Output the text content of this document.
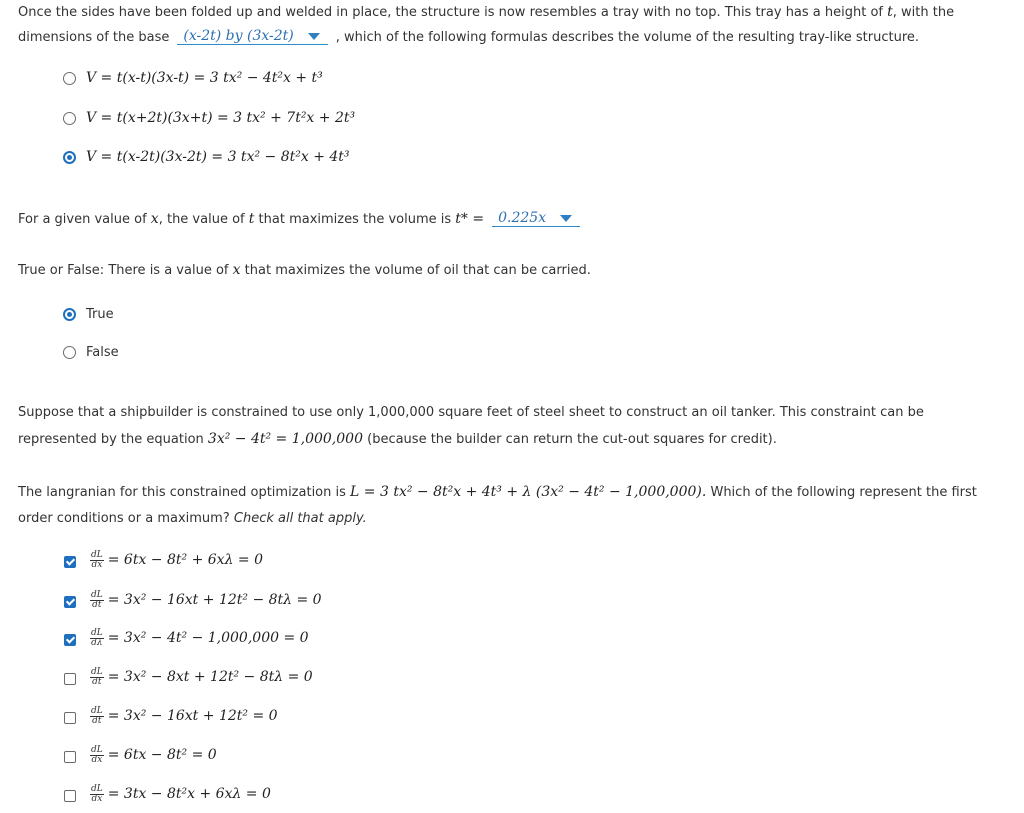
Once the sides have been folded up and welded in place, the structure is now resembles a tray with no top. This tray has a height of t, with the
dimensions of the base (x-2t) by (3x-2t)	, which of the following formulas describes the volume of the resulting tray-like structure.
V = t(x-t)(3x-t) = 3 tx² − 4t²x + t³
V = t(x+2t)(3x+t) = 3 tx² + 7t²x + 2t³
V = t(x-2t)(3x-2t) = 3 tx² − 8t²x + 4t³
For a given value of
x , the value of
t
that maximizes the volume is
t* = 0.225x
True or False: There is a value of x that maximizes the volume of oil that can be carried.
True
False
Suppose that a shipbuilder is constrained to use only 1,000,000 square feet of steel sheet to construct an oil tanker. This constraint can be
represented by the equation 3x² − 4t² = 1,000,000 (because the builder can return the cut-out squares for credit).
The langranian for this constrained optimization is L = 3 tx² − 8t²x + 4t³ + λ (3x² − 4t² − 1,000,000). Which of the following represent the first
order conditions or a maximum? Check all that apply.
$\frac{dL}{dx} = 6tx - 8t^2 + 6x\lambda = 0$
$\frac{dL}{dt} = 3x^2 - 16xt + 12t^2 - 8t\lambda = 0$
$\frac{dL}{d\lambda} = 3x^2 - 4t^2 - 1,000,000 = 0$
$\frac{dL}{dt} = 3x^2 - 8xt + 12t^2 - 8t\lambda = 0$
$\frac{dL}{dt} = 3x^2 - 16xt + 12t^2 = 0$
$\frac{dL}{dx} = 6tx - 8t^2 = 0$
$\frac{dL}{dx} = 3tx - 8t^2x + 6x\lambda = 0$
